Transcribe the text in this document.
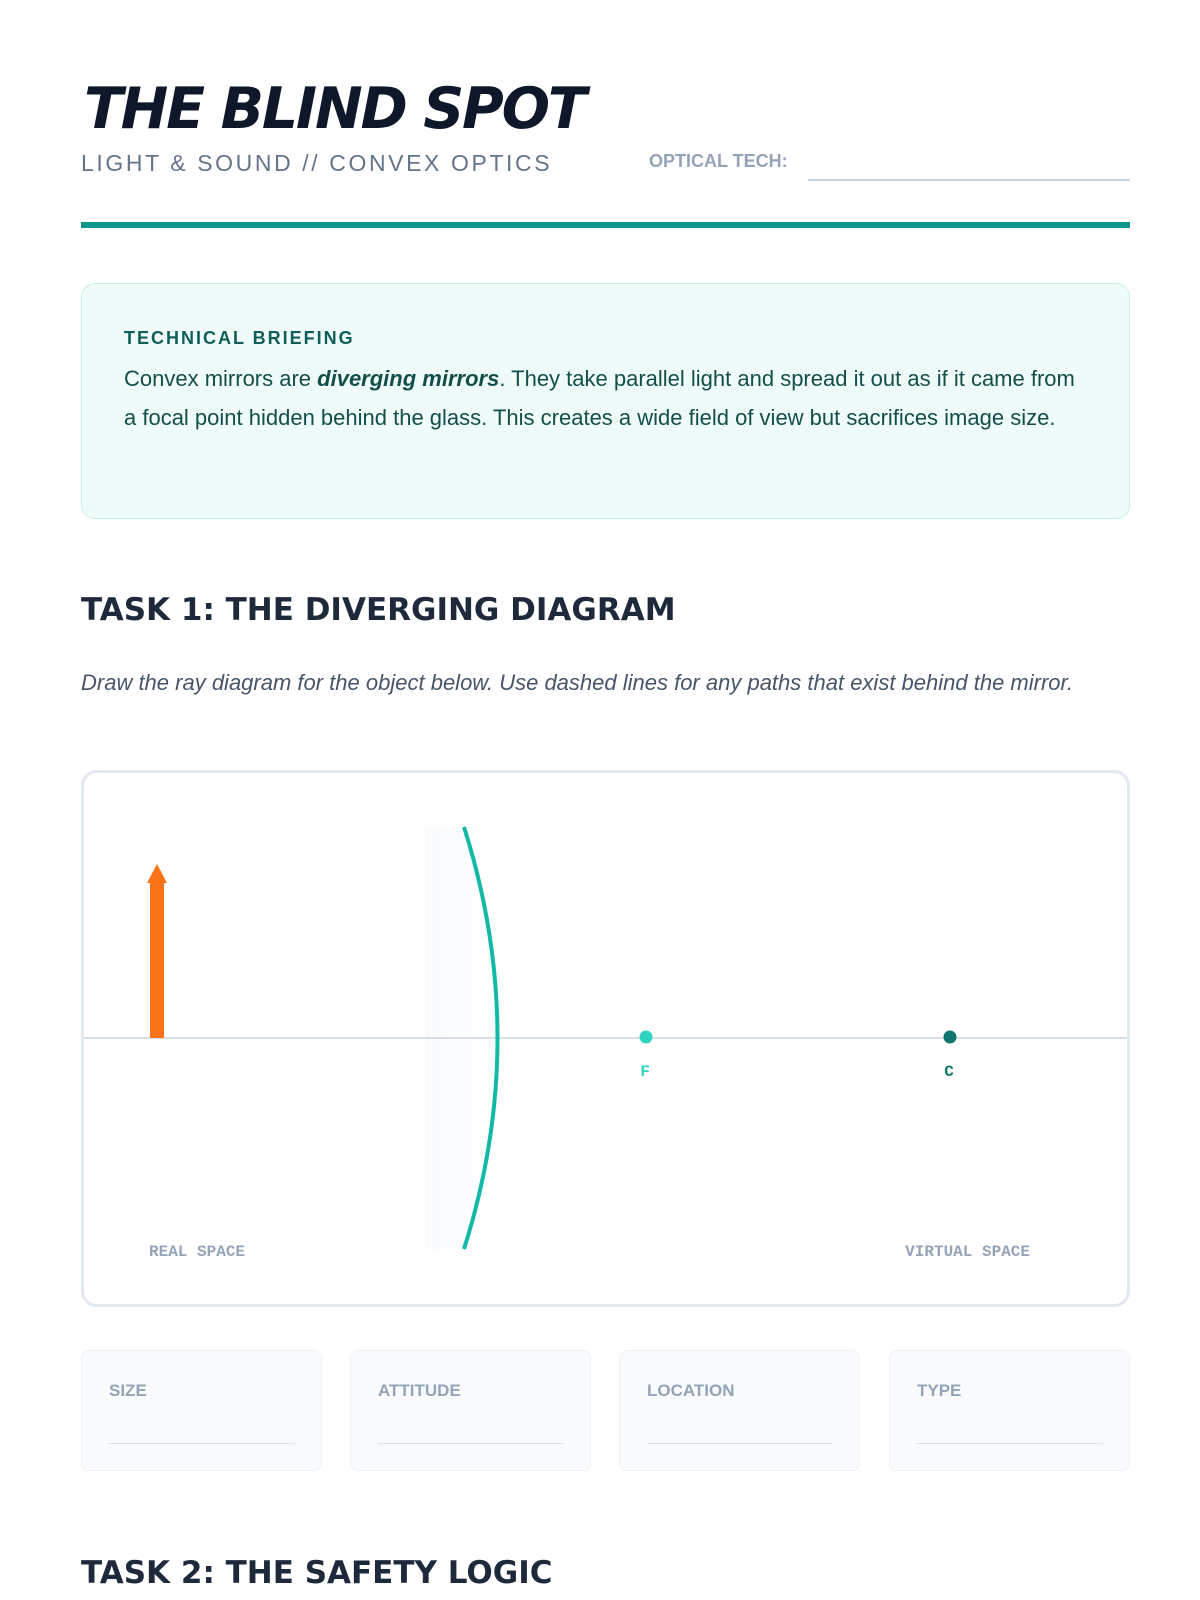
THE BLIND SPOT
LIGHT & SOUND // CONVEX OPTICS	OPTICAL TECH:
TECHNICAL BRIEFING

Convex mirrors are diverging mirrors. They take parallel light and spread it out as if it came from a focal point hidden behind the glass. This creates a wide field of view but sacrifices image size.

TASK 1: THE DIVERGING DIAGRAM

Draw the ray diagram for the object below. Use dashed lines for any paths that exist behind the mirror.

F	C
REAL SPACE	VIRTUAL SPACE
SIZE	ATTITUDE	LOCATION	TYPE
TASK 2: THE SAFETY LOGIC
